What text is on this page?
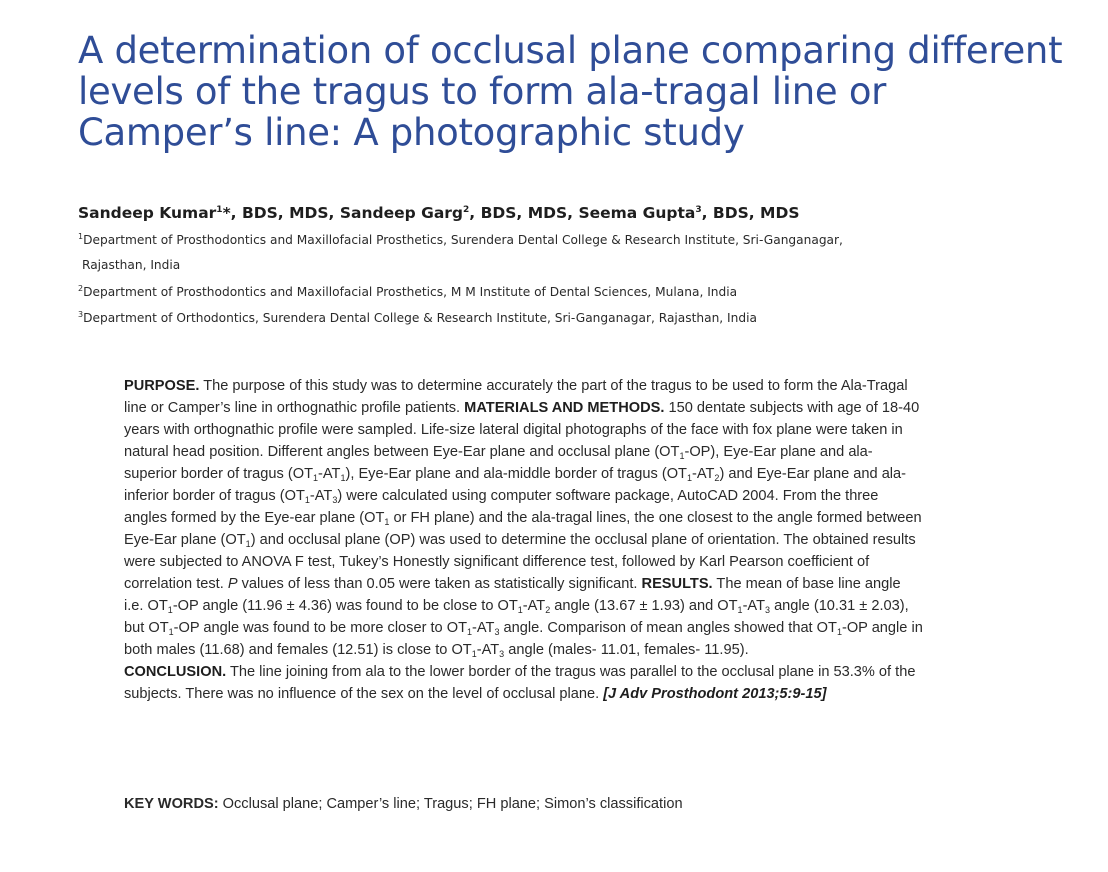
A determination of occlusal plane comparing different levels of the tragus to form ala-tragal line or Camper’s line: A photographic study
Sandeep Kumar$^1$*, BDS, MDS, Sandeep Garg$^2$, BDS, MDS, Seema Gupta$^3$, BDS, MDS
$^1$Department of Prosthodontics and Maxillofacial Prosthetics, Surendera Dental College & Research Institute, Sri-Ganganagar,
Rajasthan, India
$^2$Department of Prosthodontics and Maxillofacial Prosthetics, M M Institute of Dental Sciences, Mulana, India
$^3$Department of Orthodontics, Surendera Dental College & Research Institute, Sri-Ganganagar, Rajasthan, India
PURPOSE. The purpose of this study was to determine accurately the part of the tragus to be used to form the Ala-Tragal line or Camper’s line in orthognathic profile patients. MATERIALS AND METHODS. 150 dentate subjects with age of 18-40 years with orthognathic profile were sampled. Life-size lateral digital photographs of the face with fox plane were taken in natural head position. Different angles between Eye-Ear plane and occlusal plane $(OT_1-OP)$, Eye-Ear plane and ala-superior border of tragus $(OT_1-AT_1)$, Eye-Ear plane and ala-middle border of tragus $(OT_1-AT_2)$ and Eye-Ear plane and ala-inferior border of tragus $(OT_1-AT_3)$ were calculated using computer software package, AutoCAD 2004. From the three angles formed by the Eye-ear plane ($OT_1$ or FH plane) and the ala-tragal lines, the one closest to the angle formed between Eye-Ear plane $(OT_1)$ and occlusal plane (OP) was used to determine the occlusal plane of orientation. The obtained results were subjected to ANOVA F test, Tukey’s Honestly significant difference test, followed by Karl Pearson coefficient of correlation test. P values of less than 0.05 were taken as statistically significant. RESULTS. The mean of base line angle i.e. $OT_1-OP$ angle (11.96 ± 4.36) was found to be close to $OT_1-AT_2$ angle (13.67 ± 1.93) and $OT_1-AT_3$ angle (10.31 ± 2.03), but $OT_1-OP$ angle was found to be more closer to $OT_1-AT_3$ angle. Comparison of mean angles showed that $OT_1-OP$ angle in both males (11.68) and females (12.51) is close to $OT_1-AT_3$ angle (males- 11.01, females- 11.95).
CONCLUSION. The line joining from ala to the lower border of the tragus was parallel to the occlusal plane in 53.3% of the subjects. There was no influence of the sex on the level of occlusal plane. [J Adv Prosthodont 2013;5:9-15]
KEY WORDS: Occlusal plane; Camper’s line; Tragus; FH plane; Simon’s classification
